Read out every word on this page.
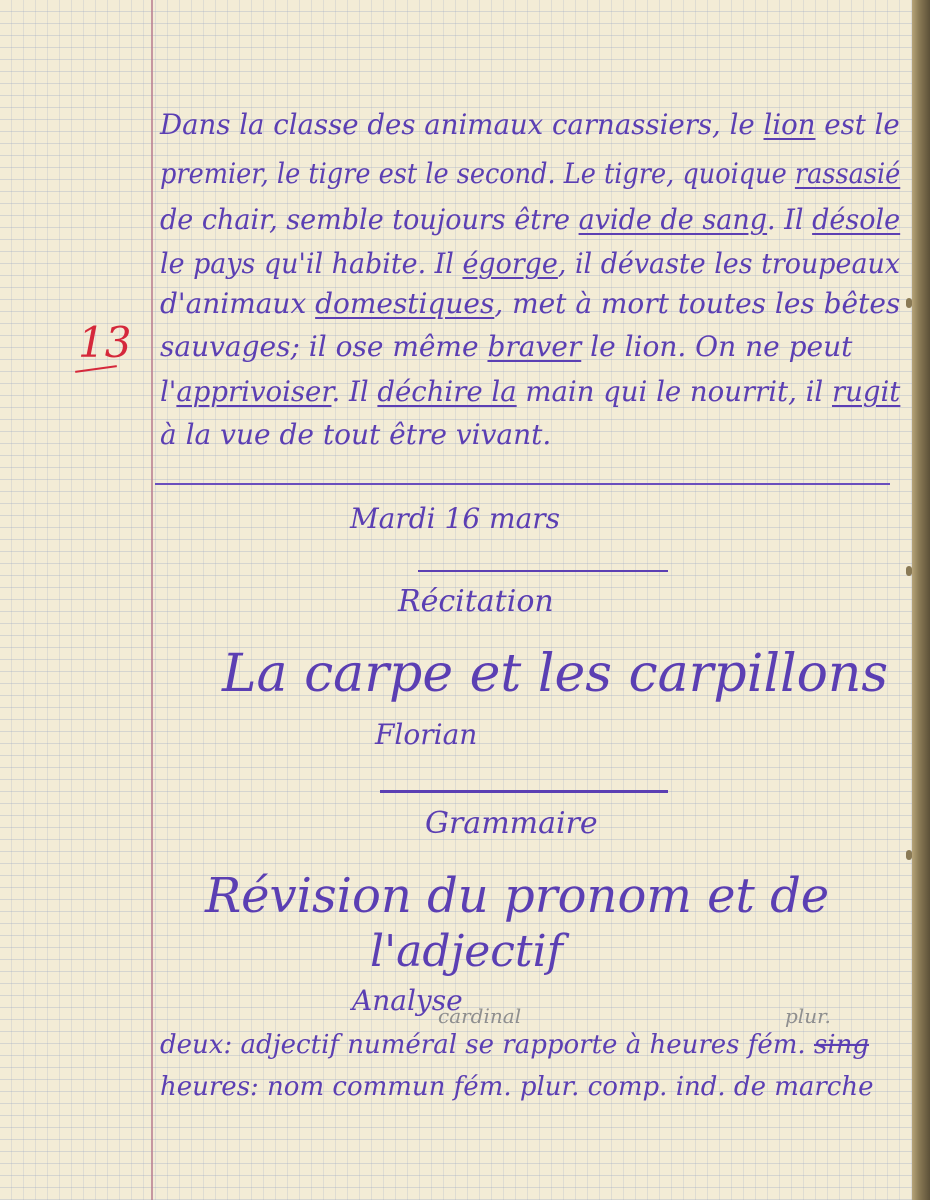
Dans la classe des animaux carnassiers, le lion est le
premier, le tigre est le second. Le tigre, quoique rassasié
de chair, semble toujours être avide de sang. Il désole
le pays qu'il habite. Il égorge, il dévaste les troupeaux
d'animaux domestiques, met à mort toutes les bêtes
sauvages; il ose même braver le lion. On ne peut
l'apprivoiser. Il déchire la main qui le nourrit, il rugit
à la vue de tout être vivant.
13
Mardi 16 mars
Récitation
La carpe et les carpillons
Florian
Grammaire
Révision du pronom et de
l'adjectif
Analyse
cardinal	plur.
deux: adjectif numéral se rapporte à heures fém. sing
heures: nom commun fém. plur. comp. ind. de marche
